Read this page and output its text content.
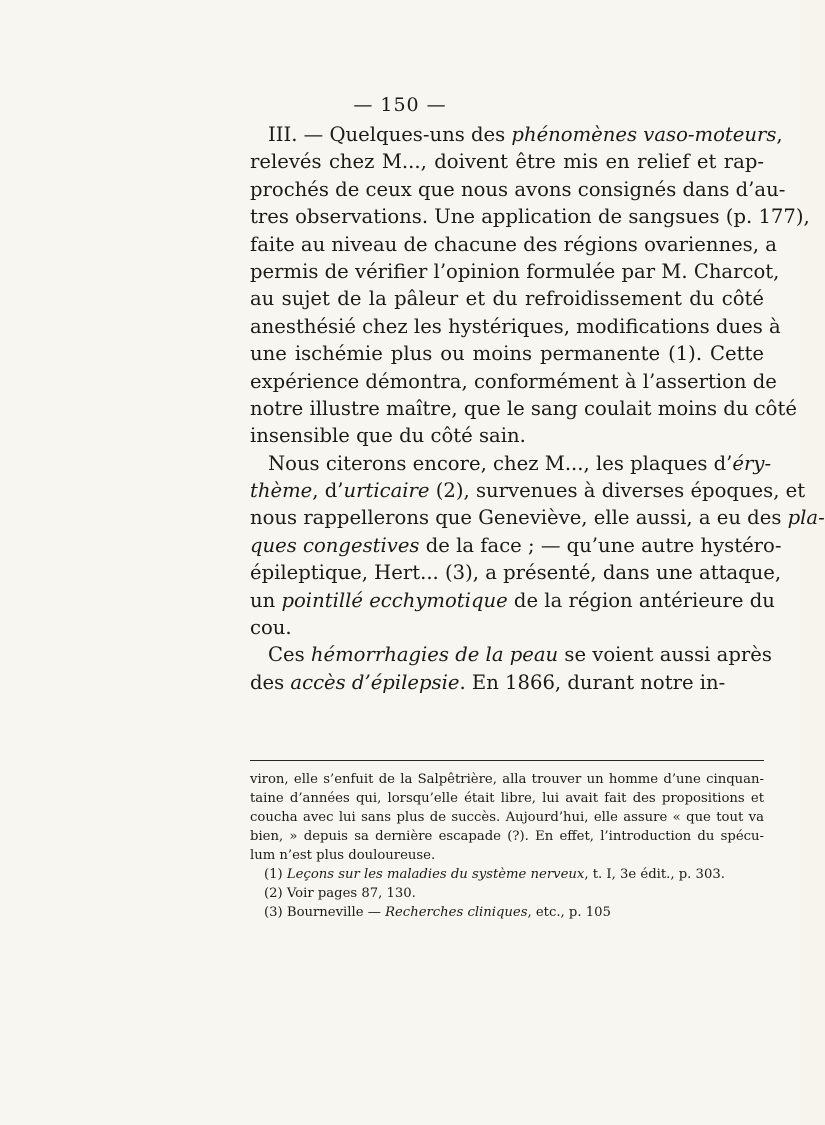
— 150 —
III. — Quelques-uns des phénomènes vaso-moteurs,
relevés chez M..., doivent être mis en relief et rap-
prochés de ceux que nous avons consignés dans d’au-
tres observations. Une application de sangsues (p. 177),
faite au niveau de chacune des régions ovariennes, a
permis de vérifier l’opinion formulée par M. Charcot,
au sujet de la pâleur et du refroidissement du côté
anesthésié chez les hystériques, modifications dues à
une ischémie plus ou moins permanente (1). Cette
expérience démontra, conformément à l’assertion de
notre illustre maître, que le sang coulait moins du côté
insensible que du côté sain.
Nous citerons encore, chez M..., les plaques d’éry-
thème, d’urticaire (2), survenues à diverses époques, et
nous rappellerons que Geneviève, elle aussi, a eu des pla-
ques congestives de la face ; — qu’une autre hystéro-
épileptique, Hert... (3), a présenté, dans une attaque,
un pointillé ecchymotique de la région antérieure du
cou.
Ces hémorrhagies de la peau se voient aussi après
des accès d’épilepsie. En 1866, durant notre in-
viron, elle s’enfuit de la Salpêtrière, alla trouver un homme d’une cinquan-
taine d’années qui, lorsqu’elle était libre, lui avait fait des propositions et
coucha avec lui sans plus de succès. Aujourd’hui, elle assure « que tout va
bien, » depuis sa dernière escapade (?). En effet, l’introduction du spécu-
lum n’est plus douloureuse.
(1) Leçons sur les maladies du système nerveux, t. I, 3e édit., p. 303.
(2) Voir pages 87, 130.
(3) Bourneville — Recherches cliniques, etc., p. 105
